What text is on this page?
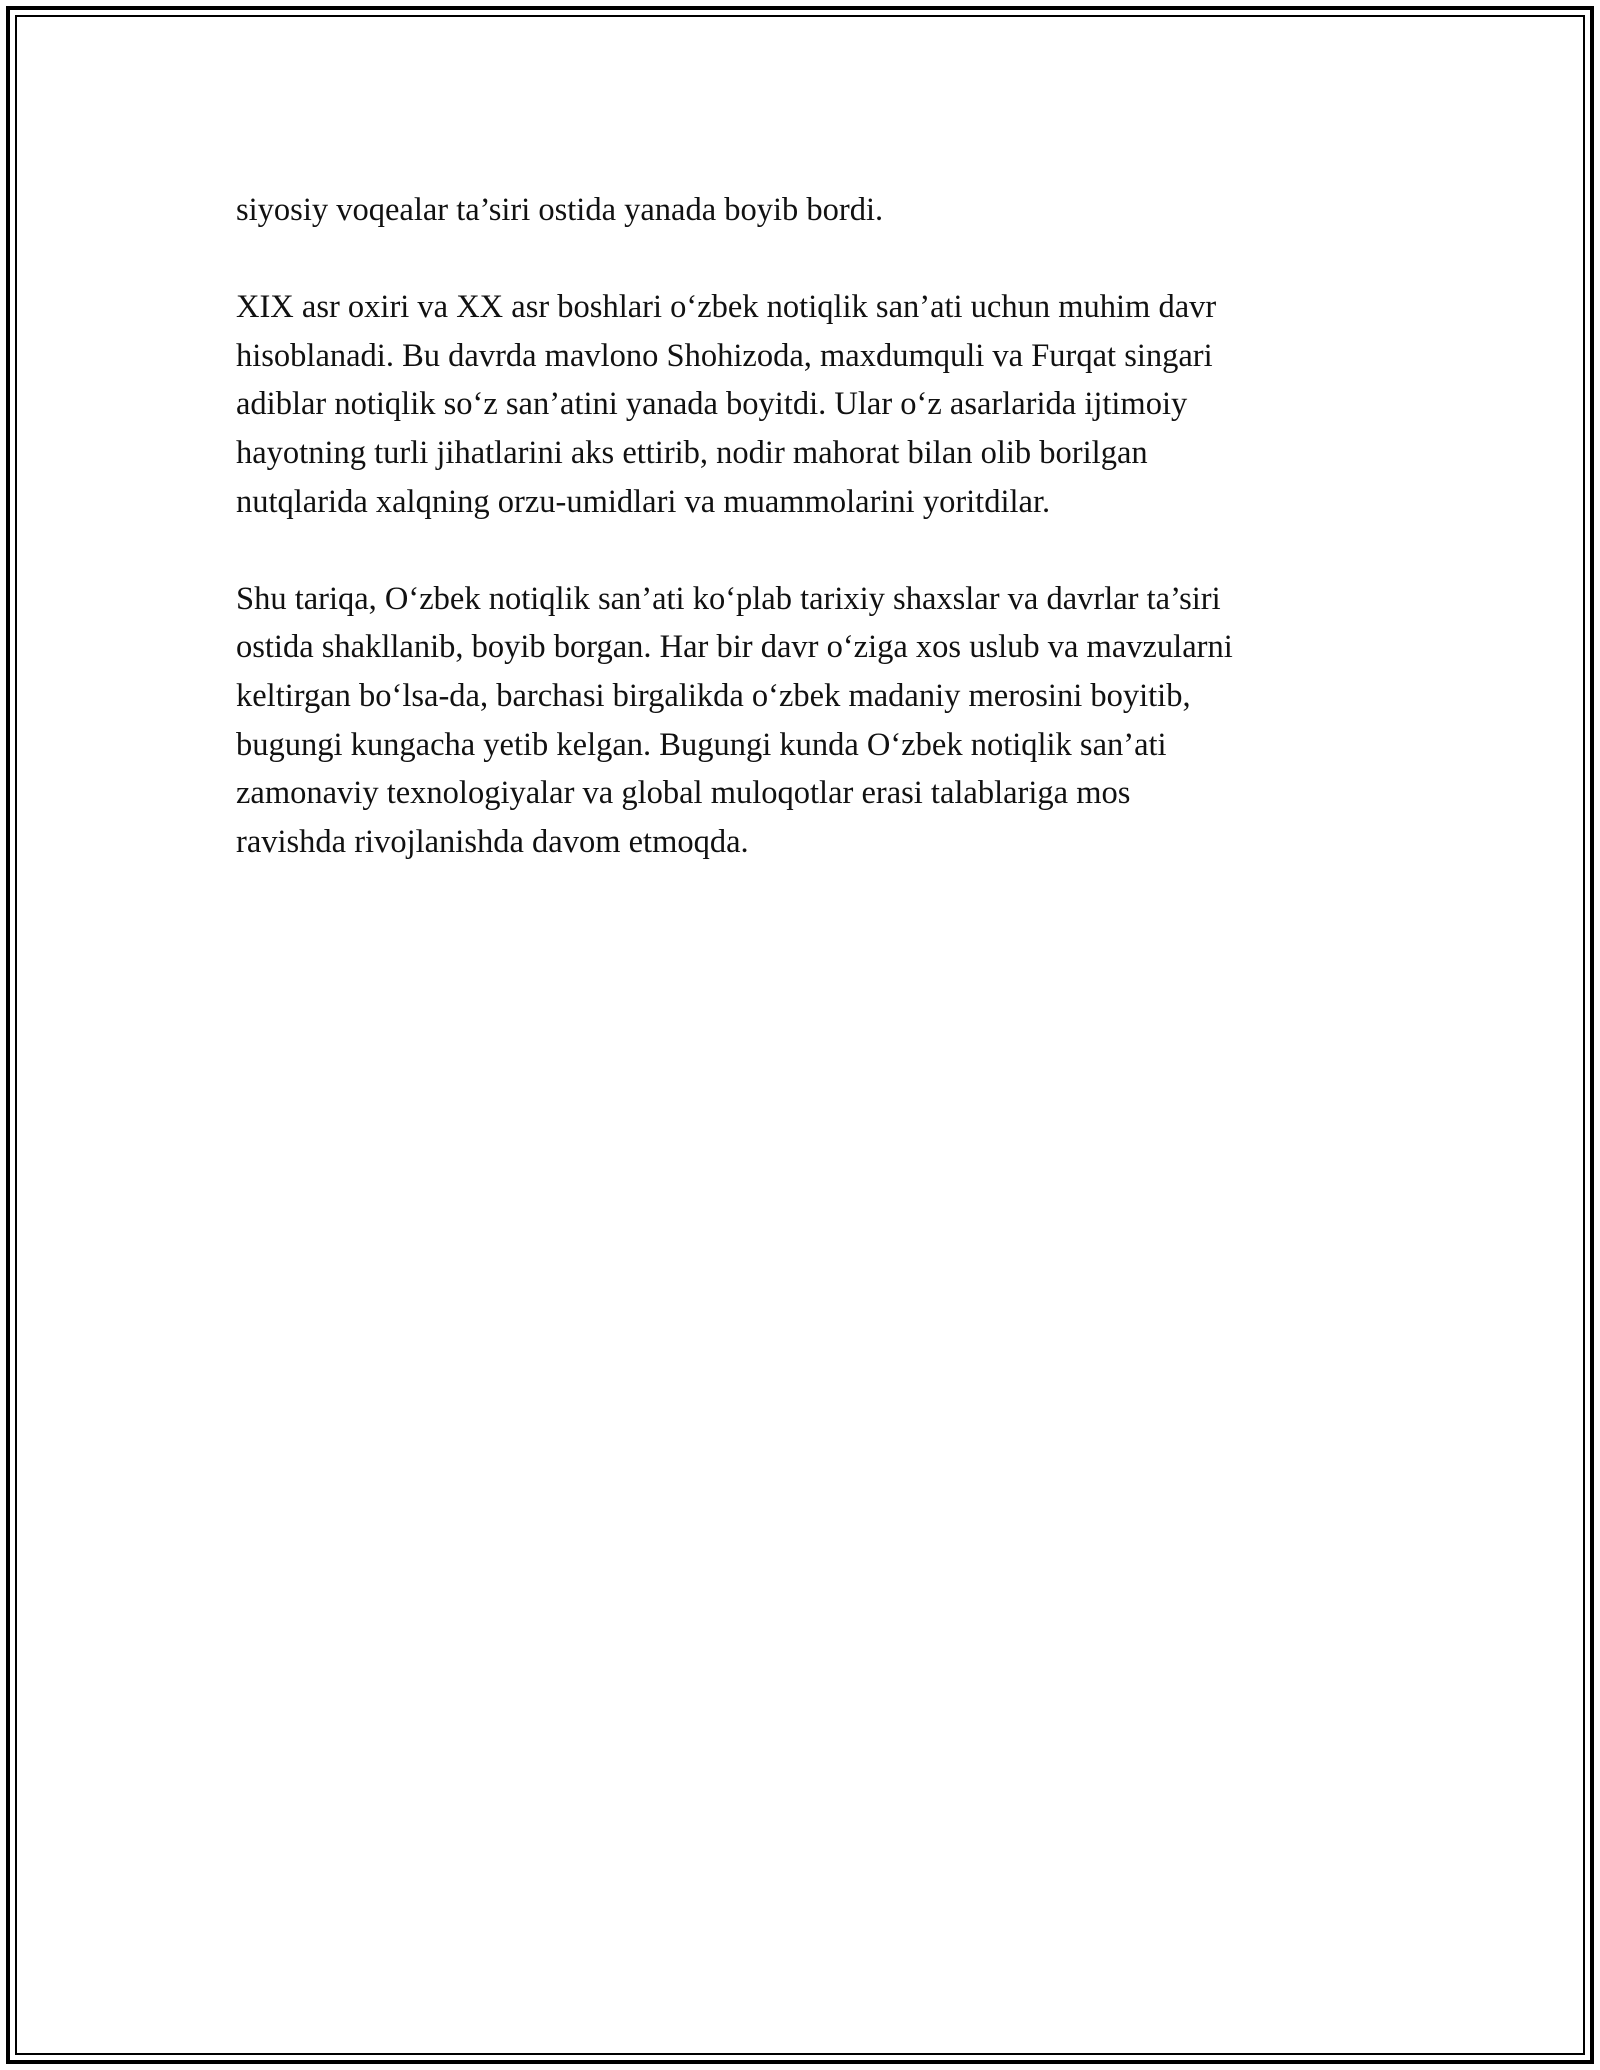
siyosiy voqealar ta’siri ostida yanada boyib bordi.

XIX asr oxiri va XX asr boshlari o‘zbek notiqlik san’ati uchun muhim davr
hisoblanadi. Bu davrda mavlono Shohizoda, maxdumquli va Furqat singari
adiblar notiqlik so‘z san’atini yanada boyitdi. Ular o‘z asarlarida ijtimoiy
hayotning turli jihatlarini aks ettirib, nodir mahorat bilan olib borilgan
nutqlarida xalqning orzu-umidlari va muammolarini yoritdilar.

Shu tariqa, O‘zbek notiqlik san’ati ko‘plab tarixiy shaxslar va davrlar ta’siri
ostida shakllanib, boyib borgan. Har bir davr o‘ziga xos uslub va mavzularni
keltirgan bo‘lsa-da, barchasi birgalikda o‘zbek madaniy merosini boyitib,
bugungi kungacha yetib kelgan. Bugungi kunda O‘zbek notiqlik san’ati
zamonaviy texnologiyalar va global muloqotlar erasi talablariga mos
ravishda rivojlanishda davom etmoqda.
